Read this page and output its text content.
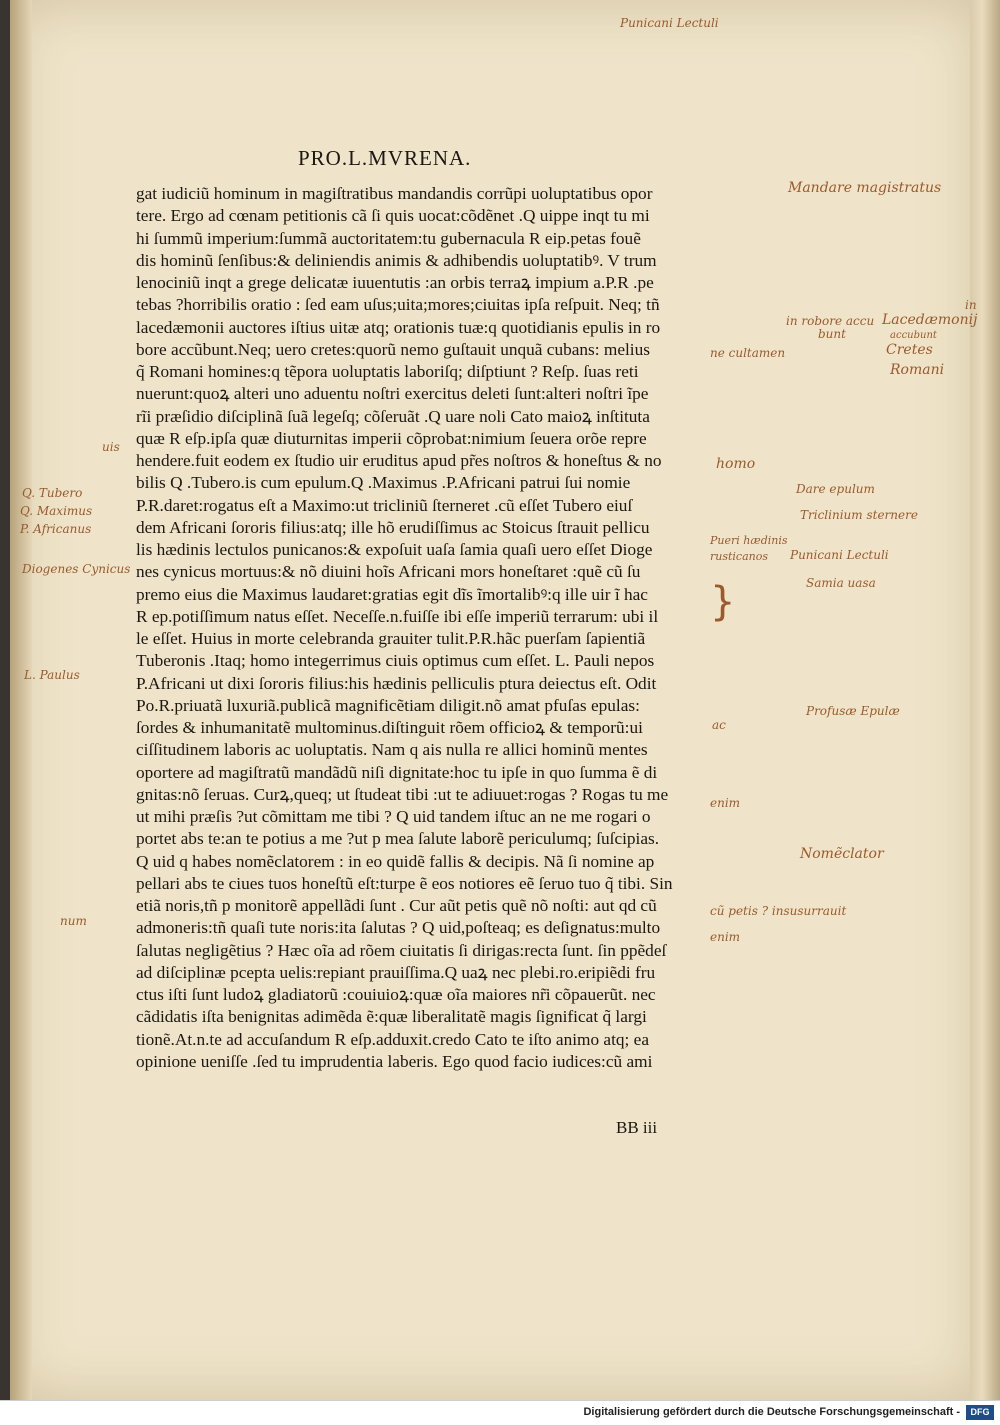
PRO.L.MVRENA.
gat iudiciũ hominum in magiſtratibus mandandis corrũpi uoluptatibus opor
tere. Ergo ad cœnam petitionis cã ſi quis uocat:cõdẽnet .Q uippe inqt tu mi
hi ſummũ imperium:ſummã auctoritatem:tu gubernacula R eip.petas fouẽ
dis hominũ ſenſibus:& deliniendis animis & adhibendis uoluptatibꝰ. V trum
lenociniũ inqt a grege delicatæ iuuentutis :an orbis terraꝝ impium a.P.R .pe
tebas ?horribilis oratio : ſed eam uſus;uita;mores;ciuitas ipſa reſpuit. Neq; tñ
lacedæmonii auctores iſtius uitæ atq; orationis tuæ:q quotidianis epulis in ro
bore accũbunt.Neq; uero cretes:quorũ nemo guſtauit unquã cubans: melius
q̃ Romani homines:q tẽpora uoluptatis laboriſq; diſptiunt ? Reſp. ſuas reti
nuerunt:quoꝝ alteri uno aduentu noſtri exercitus deleti ſunt:alteri noſtri ĩpe
rĩi præſidio diſciplinã ſuã legeſq; cõſeruãt .Q uare noli Cato maioꝝ inſtituta
quæ R eſp.ipſa quæ diuturnitas imperii cõprobat:nimium ſeuera orõe repre
hendere.fuit eodem ex ſtudio uir eruditus apud pr̃es noſtros & honeſtus & no
bilis Q .Tubero.is cum epulum.Q .Maximus .P.Africani patrui ſui nomie
P.R.daret:rogatus eſt a Maximo:ut tricliniũ ſterneret .cũ eſſet Tubero eiuſ
dem Africani ſororis filius:atq; ille hõ erudiſſimus ac Stoicus ſtrauit pellicu
lis hædinis lectulos punicanos:& expoſuit uaſa ſamia quaſi uero eſſet Dioge
nes cynicus mortuus:& nõ diuini hoĩs Africani mors honeſtaret :quẽ cũ ſu
premo eius die Maximus laudaret:gratias egit dĩs ĩmortalibꝰ:q ille uir ĩ hac
R ep.potiſſimum natus eſſet. Neceſſe.n.fuiſſe ibi eſſe imperiũ terrarum: ubi il
le eſſet. Huius in morte celebranda grauiter tulit.P.R.hãc puerſam ſapientiã
Tuberonis .Itaq; homo integerrimus ciuis optimus cum eſſet. L. Pauli nepos
P.Africani ut dixi ſororis filius:his hædinis pelliculis ptura deiectus eſt. Odit
Po.R.priuatã luxuriã.publicã magnificẽtiam diligit.nõ amat pfuſas epulas:
ſordes & inhumanitatẽ multominus.diſtinguit rõem officioꝝ & temporũ:ui
ciſſitudinem laboris ac uoluptatis. Nam q ais nulla re allici hominũ mentes
oportere ad magiſtratũ mandãdũ niſi dignitate:hoc tu ipſe in quo ſumma ẽ di
gnitas:nõ ſeruas. Curꝝ,queq; ut ſtudeat tibi :ut te adiuuet:rogas ? Rogas tu me
ut mihi præſis ?ut cõmittam me tibi ? Q uid tandem iſtuc an ne me rogari o
portet abs te:an te potius a me ?ut p mea ſalute laborẽ periculumq; ſuſcipias.
Q uid q habes nomẽclatorem : in eo quidẽ fallis & decipis. Nã ſi nomine ap
pellari abs te ciues tuos honeſtũ eſt:turpe ẽ eos notiores eẽ ſeruo tuo q̃ tibi. Sin
etiã noris,tñ p monitorẽ appellãdi ſunt . Cur aũt petis quẽ nõ noſti: aut qd cũ
admoneris:tñ quaſi tute noris:ita ſalutas ? Q uid,poſteaq; es deſignatus:multo
ſalutas negligẽtius ? Hæc oĩa ad rõem ciuitatis ſi dirigas:recta ſunt. ſin ppẽdeſ
ad diſciplinæ pcepta uelis:repiant prauiſſima.Q uaꝝ nec plebi.ro.eripiẽdi fru
ctus iſti ſunt ludoꝝ gladiatorũ :couiuioꝝ:quæ oĩa maiores nr̃i cõpauerũt. nec
cãdidatis iſta benignitas adimẽda ẽ:quæ liberalitatẽ magis ſignificat q̃ largi
tionẽ.At.n.te ad accuſandum R eſp.adduxit.credo Cato te iſto animo atq; ea
opinione ueniſſe .ſed tu imprudentia laberis. Ego quod facio iudices:cũ ami
BB iii
Punicani Lectuli
Mandare magistratus
in robore accu
bunt
Lacedæmonij
in
accubunt
Cretes
Romani
ne cultamen
homo
Dare epulum
Triclinium sternere
Pueri hædinis
rusticanos Punicani Lectuli
Samia uasa
}
Profusæ Epulæ
ac
enim
Nomẽclator
cũ petis ? insusurrauit
enim
uis
Q. Tubero
Q. Maximus
P. Africanus
Diogenes Cynicus
L. Paulus
num
Digitalisierung gefördert durch die Deutsche Forschungsgemeinschaft -	DFG
